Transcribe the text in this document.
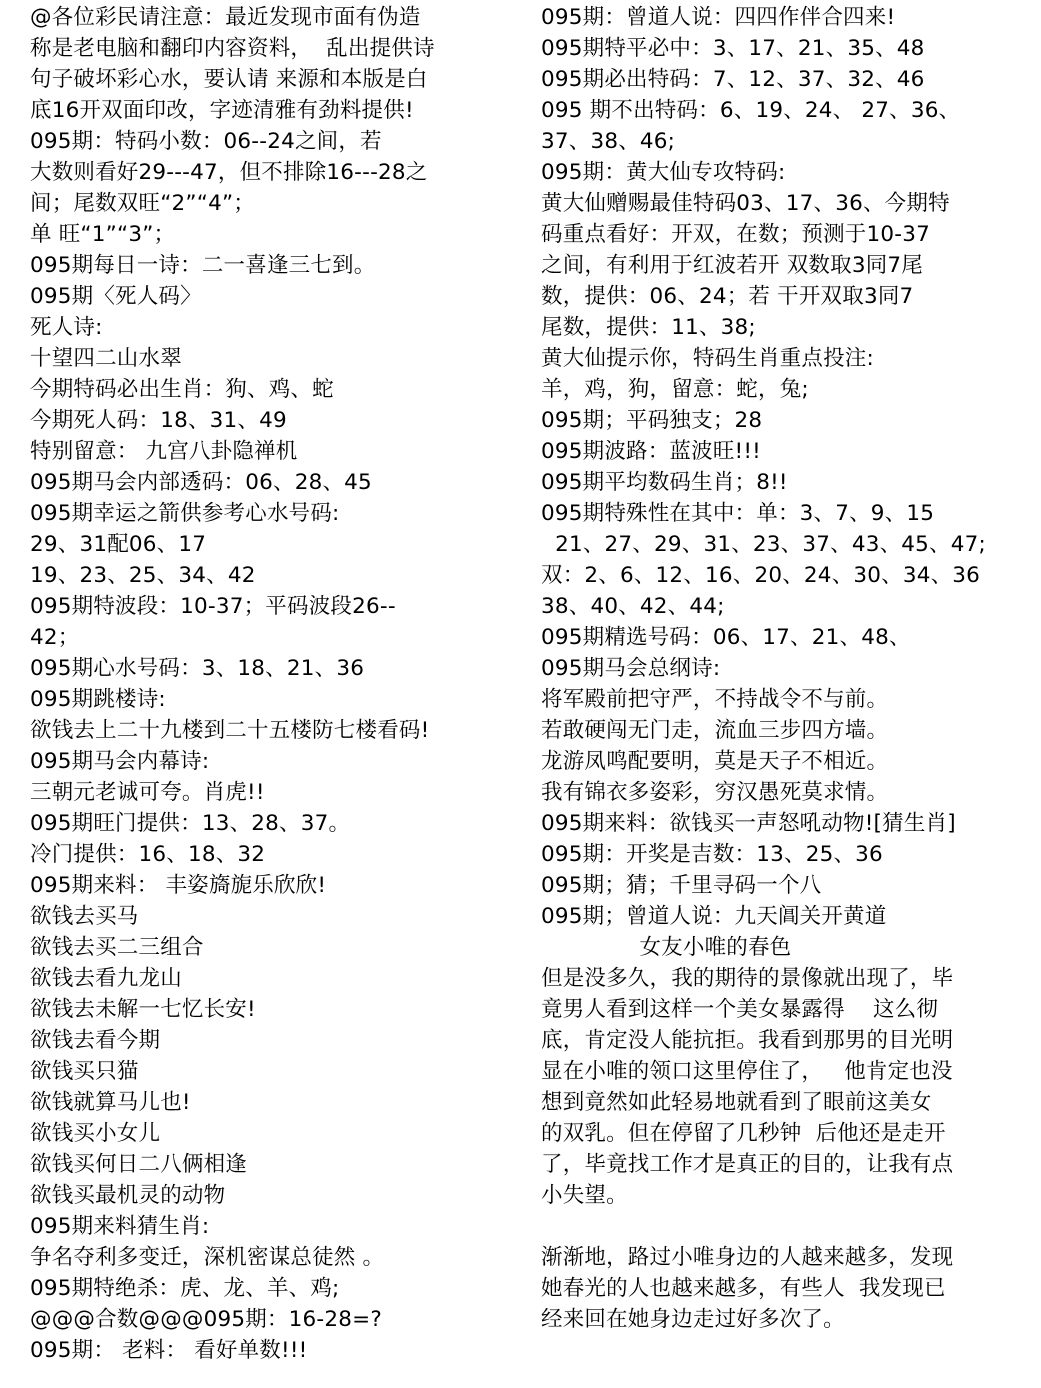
@各位彩民请注意：最近发现市面有伪造
称是老电脑和翻印内容资料，  乱出提供诗
句子破坏彩心水，要认请 来源和本版是白
底16开双面印改，字迹清雅有劲料提供!
095期：特码小数：06--24之间，若
大数则看好29---47，但不排除16---28之
间；尾数双旺“2”“4”；
单 旺“1”“3”；
095期每日一诗：二一喜逢三七到。
095期〈死人码〉
死人诗:
十望四二山水翠
今期特码必出生肖：狗、鸡、蛇
今期死人码：18、31、49
特别留意： 九宫八卦隐禅机
095期马会内部透码：06、28、45
095期幸运之箭供参考心水号码:
29、31配06、17
19、23、25、34、42
095期特波段：10-37；平码波段26--
42；
095期心水号码：3、18、21、36
095期跳楼诗:
欲钱去上二十九楼到二十五楼防七楼看码!
095期马会内幕诗:
三朝元老诚可夸。肖虎!!
095期旺门提供：13、28、37。
冷门提供：16、18、32
095期来料： 丰姿旖旎乐欣欣!
欲钱去买马
欲钱去买二三组合
欲钱去看九龙山
欲钱去未解一七忆长安!
欲钱去看今期
欲钱买只猫
欲钱就算马儿也!
欲钱买小女儿
欲钱买何日二八俩相逢
欲钱买最机灵的动物
095期来料猜生肖:
争名夺利多变迁，深机密谋总徒然 。
095期特绝杀：虎、龙、羊、鸡;
@@@合数@@@095期：16-28=?
095期： 老料： 看好单数!!!
095期：曾道人说：四四作伴合四来!
095期特平必中：3、17、21、35、48
095期必出特码：7、12、37、32、46
095 期不出特码：6、19、24、 27、36、
37、38、46;
095期：黄大仙专攻特码:
黄大仙赠赐最佳特码03、17、36、今期特
码重点看好：开双，在数；预测于10-37
之间，有利用于红波若开 双数取3同7尾
数，提供：06、24；若 干开双取3同7
尾数，提供：11、38;
黄大仙提示你，特码生肖重点投注:
羊，鸡，狗，留意：蛇，兔;
095期；平码独支；28
095期波路：蓝波旺!!!
095期平均数码生肖；8!!
095期特殊性在其中：单：3、7、9、15
21、27、29、31、23、37、43、45、47;
双：2、6、12、16、20、24、30、34、36
38、40、42、44;
095期精选号码：06、17、21、48、
095期马会总纲诗:
将军殿前把守严，不持战令不与前。
若敢硬闯无门走，流血三步四方墙。
龙游凤鸣配要明，莫是天子不相近。
我有锦衣多姿彩，穷汉愚死莫求情。
095期来料：欲钱买一声怒吼动物![猜生肖]
095期：开奖是吉数：13、25、36
095期；猜；千里寻码一个八
095期；曾道人说：九天阊关开黄道
女友小唯的春色
但是没多久，我的期待的景像就出现了，毕
竟男人看到这样一个美女暴露得    这么彻
底，肯定没人能抗拒。我看到那男的目光明
显在小唯的领口这里停住了，   他肯定也没
想到竟然如此轻易地就看到了眼前这美女
的双乳。但在停留了几秒钟  后他还是走开
了，毕竟找工作才是真正的目的，让我有点
小失望。
渐渐地，路过小唯身边的人越来越多，发现
她春光的人也越来越多，有些人  我发现已
经来回在她身边走过好多次了。
